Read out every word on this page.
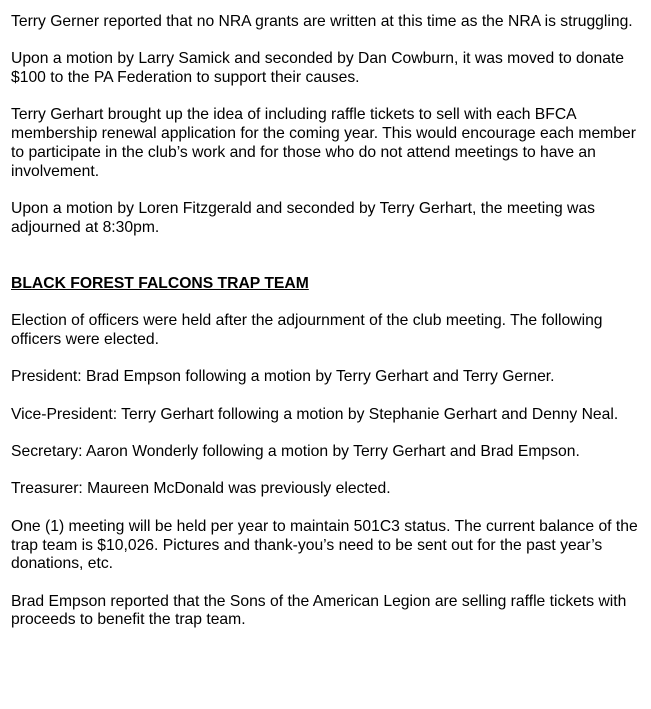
Terry Gerner reported that no NRA grants are written at this time as the NRA is struggling.

Upon a motion by Larry Samick and seconded by Dan Cowburn, it was moved to donate $100 to the PA Federation to support their causes.

Terry Gerhart brought up the idea of including raffle tickets to sell with each BFCA membership renewal application for the coming year. This would encourage each member to participate in the club’s work and for those who do not attend meetings to have an involvement.

Upon a motion by Loren Fitzgerald and seconded by Terry Gerhart, the meeting was adjourned at 8:30pm.

BLACK FOREST FALCONS TRAP TEAM

Election of officers were held after the adjournment of the club meeting. The following officers were elected.

President: Brad Empson following a motion by Terry Gerhart and Terry Gerner.

Vice-President: Terry Gerhart following a motion by Stephanie Gerhart and Denny Neal.

Secretary: Aaron Wonderly following a motion by Terry Gerhart and Brad Empson.

Treasurer: Maureen McDonald was previously elected.

One (1) meeting will be held per year to maintain 501C3 status. The current balance of the trap team is $10,026. Pictures and thank-you’s need to be sent out for the past year’s donations, etc.

Brad Empson reported that the Sons of the American Legion are selling raffle tickets with proceeds to benefit the trap team.
